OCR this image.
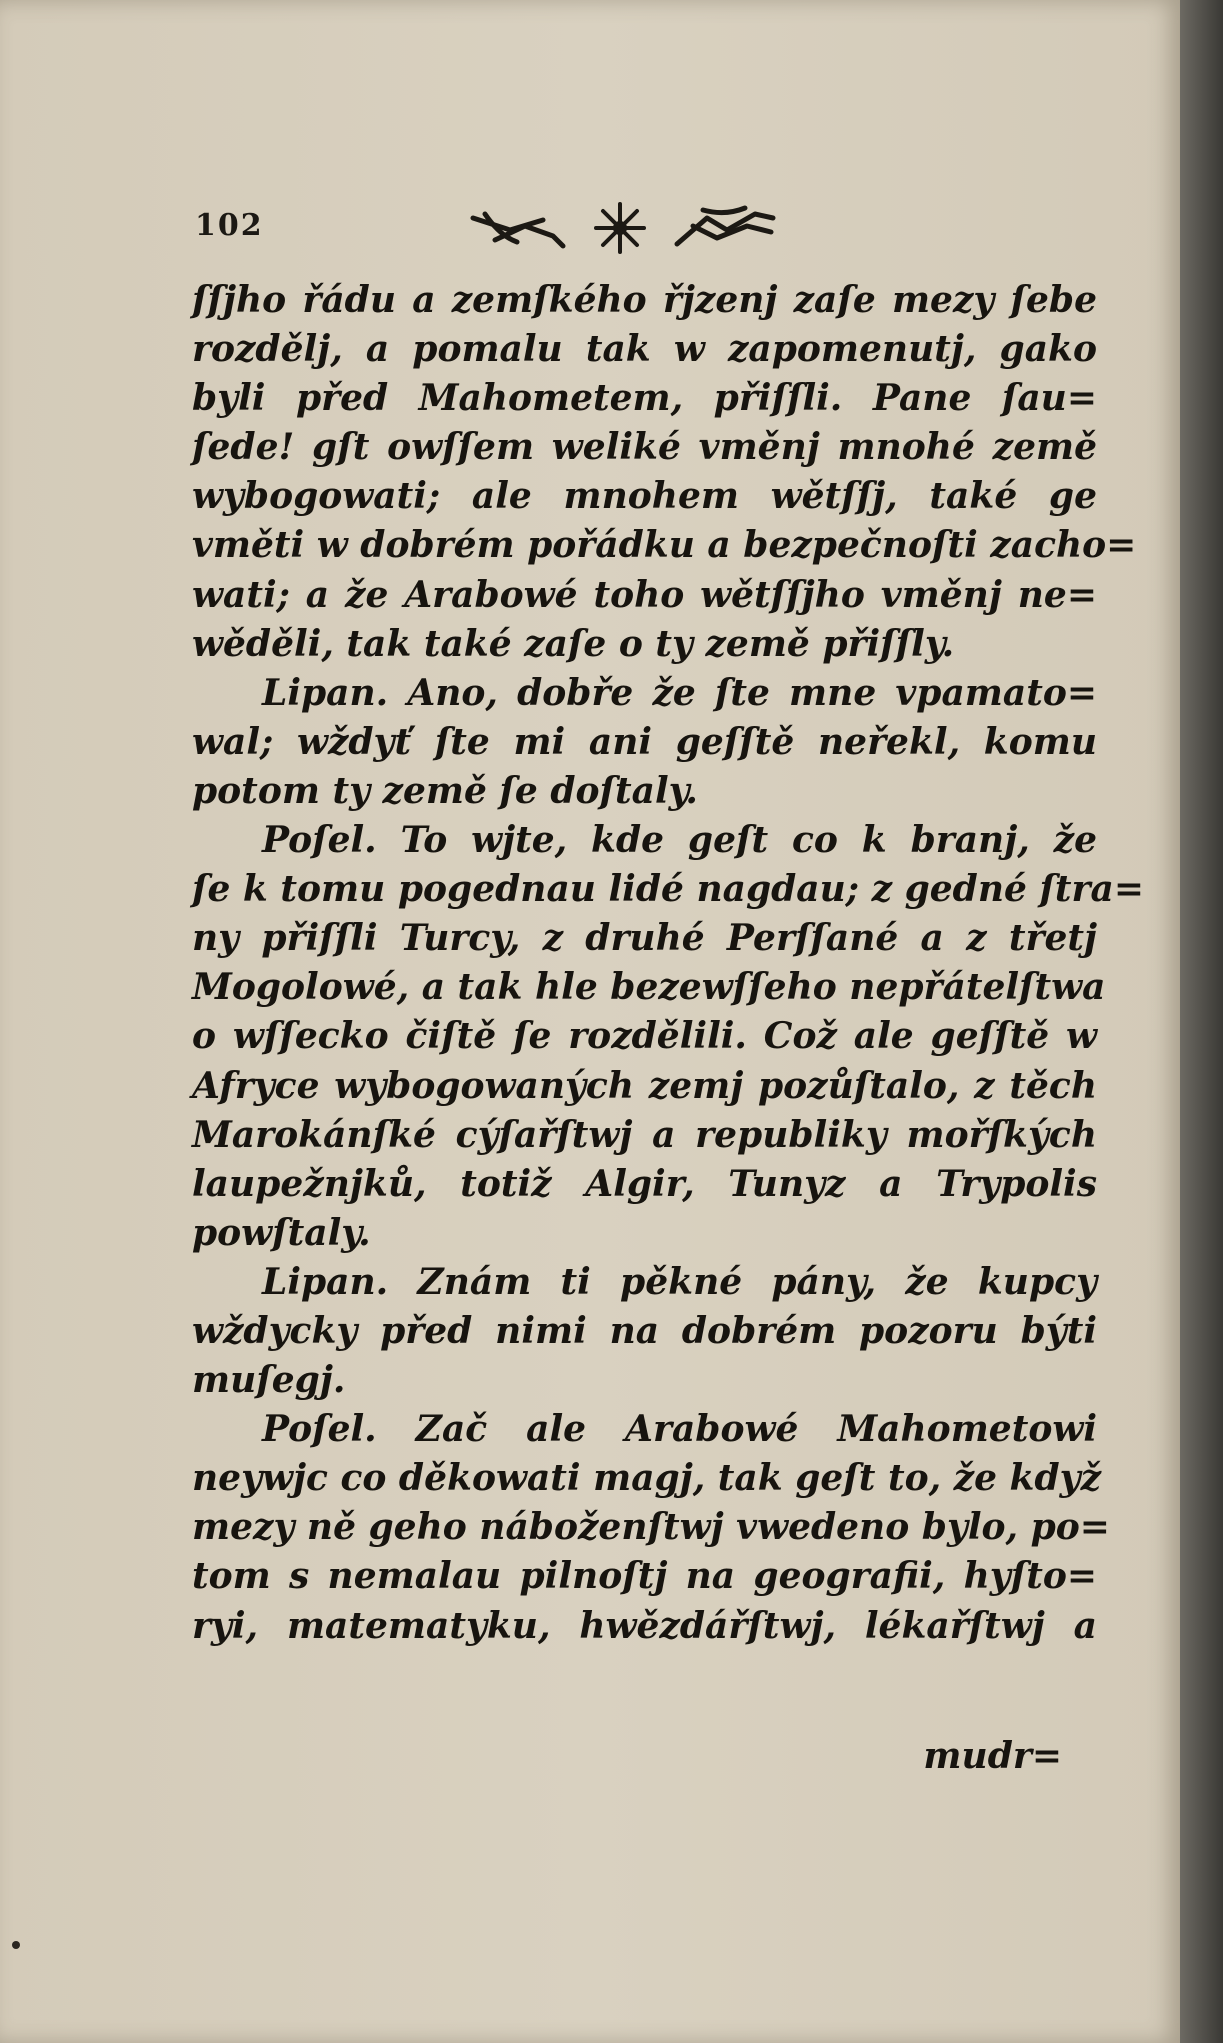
102
ſſjho řádu a zemſkého řjzenj zaſe mezy ſebe
rozdělj, a pomalu tak w zapomenutj, gako
byli před Mahometem, přiſſli. Pane ſau=
ſede! gſt owſſem weliké vměnj mnohé země
wybogowati; ale mnohem wětſſj, také ge
vměti w dobrém pořádku a bezpečnoſti zacho=
wati; a že Arabowé toho wětſſjho vměnj ne=
wěděli, tak také zaſe o ty země přiſſly.
Lipan. Ano, dobře že ſte mne vpamato=
wal; wždyť ſte mi ani geſſtě neřekl, komu
potom ty země ſe doſtaly.
Poſel. To wjte, kde geſt co k branj, že
ſe k tomu pogednau lidé nagdau; z gedné ſtra=
ny přiſſli Turcy, z druhé Perſſané a z třetj
Mogolowé, a tak hle bezewſſeho nepřátelſtwa
o wſſecko čiſtě ſe rozdělili. Což ale geſſtě w
Afryce wybogowaných zemj pozůſtalo, z těch
Marokánſké cýſařſtwj a republiky mořſkých
laupežnjků, totiž Algir, Tunyz a Trypolis
powſtaly.
Lipan. Znám ti pěkné pány, že kupcy
wždycky před nimi na dobrém pozoru býti
muſegj.
Poſel. Zač ale Arabowé Mahometowi
neywjc co děkowati magj, tak geſt to, že když
mezy ně geho náboženſtwj vwedeno bylo, po=
tom s nemalau pilnoſtj na geografii, hyſto=
ryi, matematyku, hwězdářſtwj, lékařſtwj a
mudr=
